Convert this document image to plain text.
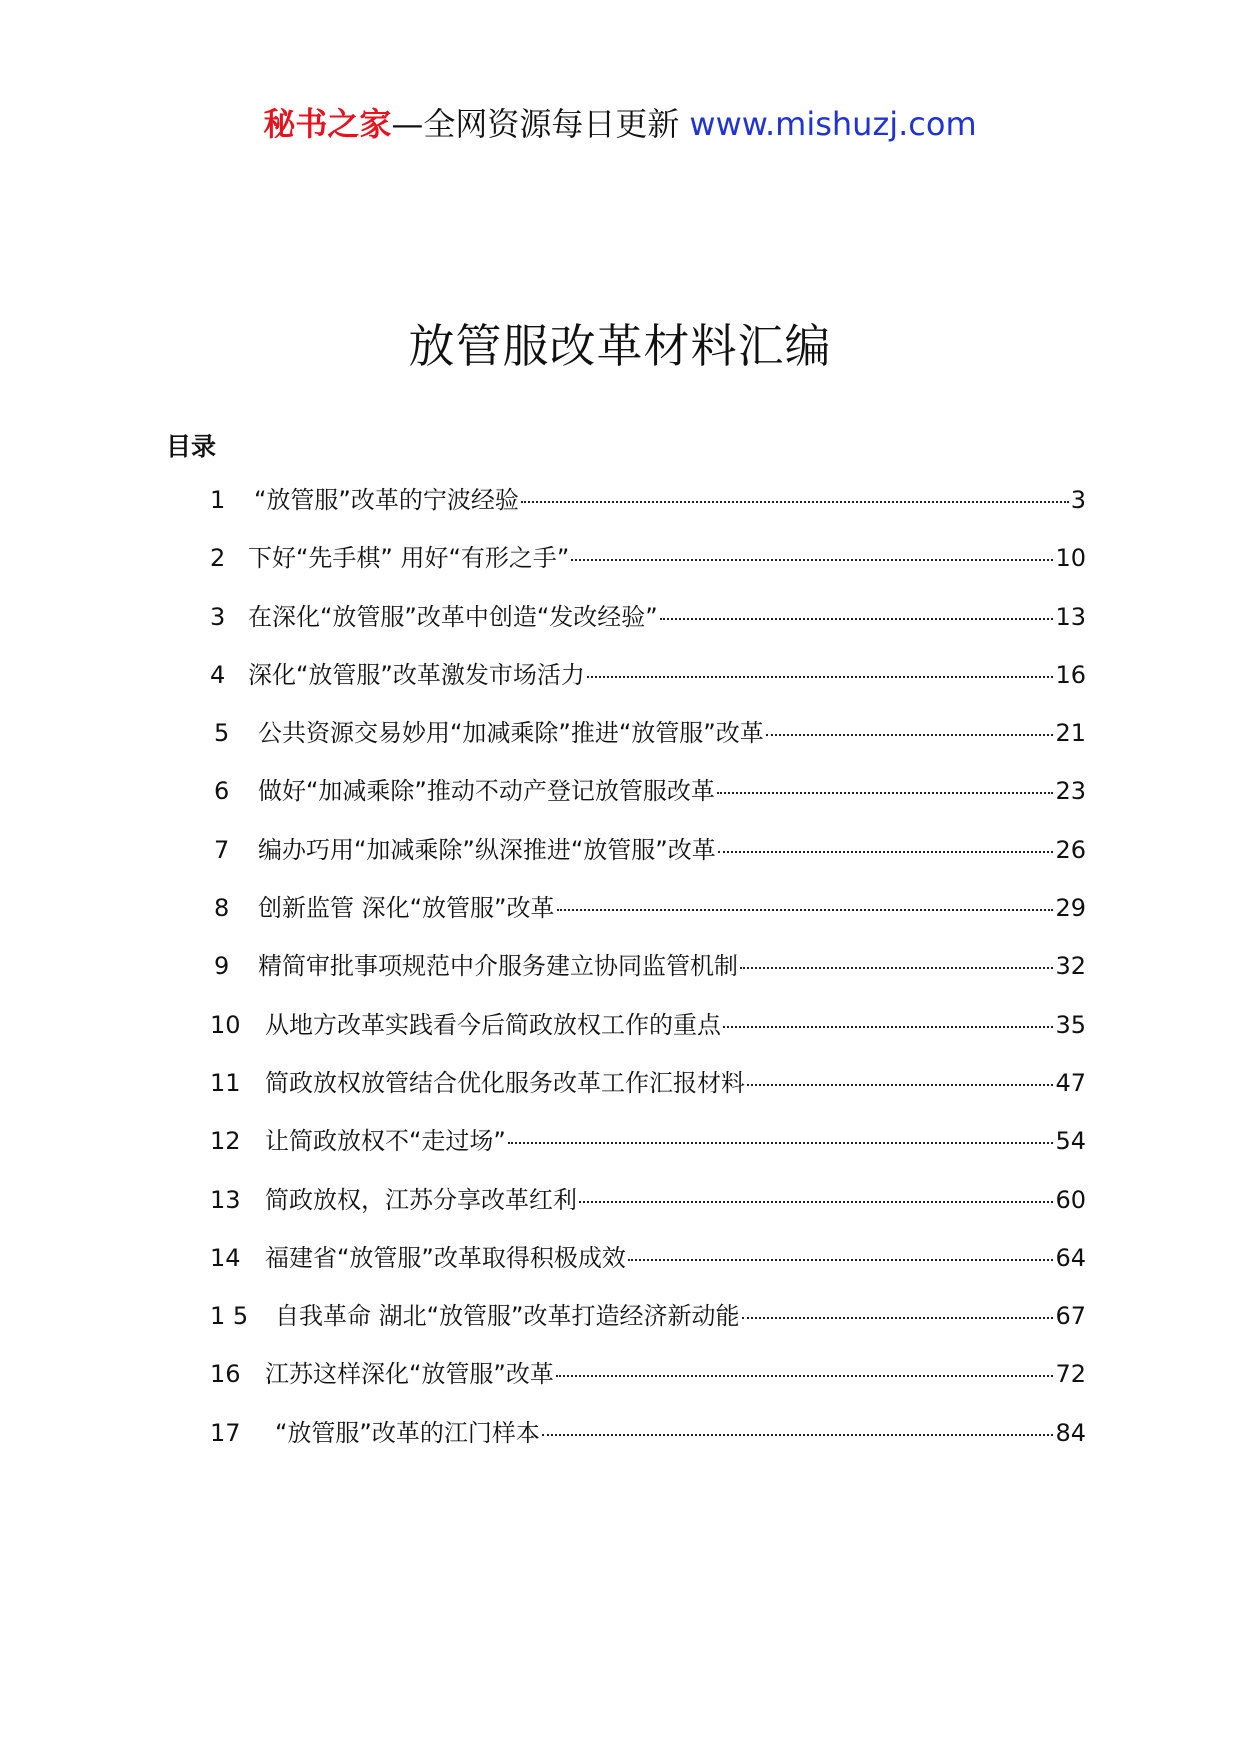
秘书之家—全网资源每日更新 www.mishuzj.com
放管服改革材料汇编
目录
1	“放管服”改革的宁波经验	3
2 下好“先手棋” 用好“有形之手”	10
3 在深化“放管服”改革中创造“发改经验”	13
4 深化“放管服”改革激发市场活力	16
5	公共资源交易妙用“加减乘除”推进“放管服”改革	21
6	做好“加减乘除”推动不动产登记放管服改革	23
7	编办巧用“加减乘除”纵深推进“放管服”改革	26
8	创新监管 深化“放管服”改革	29
9	精简审批事项规范中介服务建立协同监管机制	32
10	从地方改革实践看今后简政放权工作的重点	35
11	简政放权放管结合优化服务改革工作汇报材料	47
12	让简政放权不“走过场”	54
13	简政放权，江苏分享改革红利	60
14	福建省“放管服”改革取得积极成效	64
1 5	自我革命 湖北“放管服”改革打造经济新动能	67
16	江苏这样深化“放管服”改革	72
17	“放管服”改革的江门样本	84
